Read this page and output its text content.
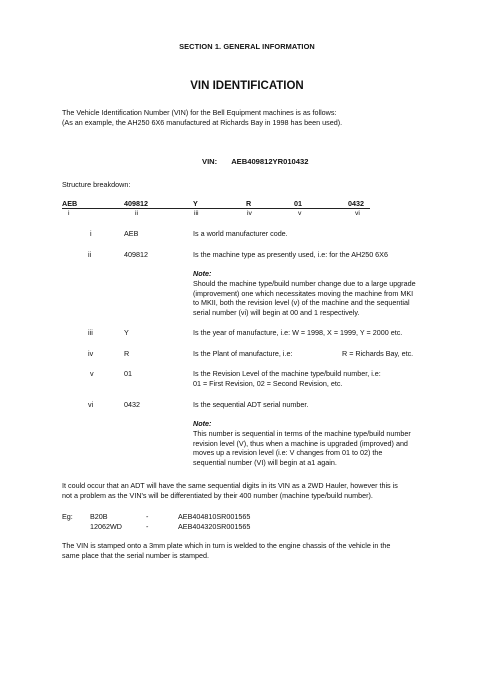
SECTION 1. GENERAL INFORMATION
VIN IDENTIFICATION
The Vehicle Identification Number (VIN) for the Bell Equipment machines is as follows:
(As an example, the AH250 6X6 manufactured at Richards Bay in 1998 has been used).
VIN: AEB409812YR010432
Structure breakdown:
AEB	409812	Y	R	01	0432
i	ii	iii	iv	v	vi
i	AEB	Is a world manufacturer code.
ii	409812	Is the machine type as presently used, i.e: for the AH250 6X6
Note:
Should the machine type/build number change due to a large upgrade
(improvement) one which necessitates moving the machine from MKI
to MKII, both the revision level (v) of the machine and the sequential
serial number (vi) will begin at 00 and 1 respectively.
iii	Y	Is the year of manufacture, i.e: W = 1998, X = 1999, Y = 2000 etc.
iv	R	Is the Plant of manufacture, i.e:	R = Richards Bay, etc.
v	01	Is the Revision Level of the machine type/build number, i.e:
01 = First Revision, 02 = Second Revision, etc.
vi	0432	Is the sequential ADT serial number.
Note:
This number is sequential in terms of the machine type/build number
revision level (V), thus when a machine is upgraded (improved) and
moves up a revision level (i.e: V changes from 01 to 02) the
sequential number (VI) will begin at a1 again.
It could occur that an ADT will have the same sequential digits in its VIN as a 2WD Hauler, however this is
not a problem as the VIN's will be differentiated by their 400 number (machine type/build number).
Eg: B20B	-	AEB404810SR001565
12062WD	-	AEB404320SR001565
The VIN is stamped onto a 3mm plate which in turn is welded to the engine chassis of the vehicle in the
same place that the serial number is stamped.
